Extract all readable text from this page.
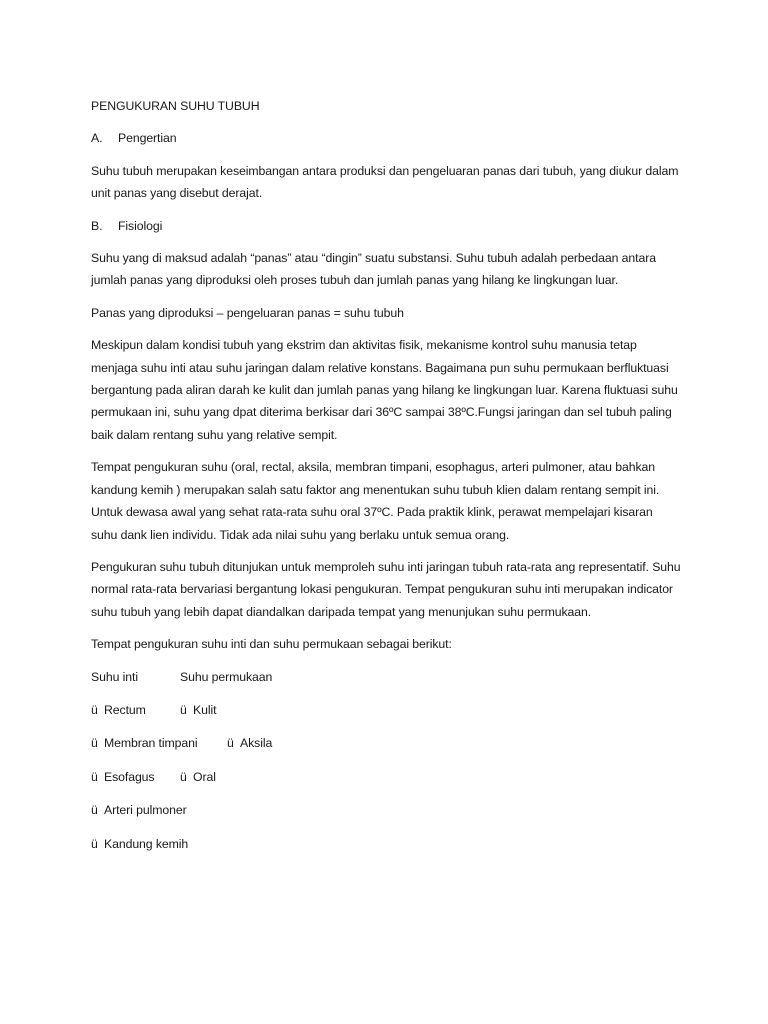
PENGUKURAN SUHU TUBUH

A.	Pengertian

Suhu tubuh merupakan keseimbangan antara produksi dan pengeluaran panas dari tubuh, yang diukur dalam unit panas yang disebut derajat.

B.	Fisiologi

Suhu yang di maksud adalah “panas” atau “dingin” suatu substansi. Suhu tubuh adalah perbedaan antara jumlah panas yang diproduksi oleh proses tubuh dan jumlah panas yang hilang ke lingkungan luar.

Panas yang diproduksi – pengeluaran panas = suhu tubuh

Meskipun dalam kondisi tubuh yang ekstrim dan aktivitas fisik, mekanisme kontrol suhu manusia tetap menjaga suhu inti atau suhu jaringan dalam relative konstans. Bagaimana pun suhu permukaan berfluktuasi bergantung pada aliran darah ke kulit dan jumlah panas yang hilang ke lingkungan luar. Karena fluktuasi suhu permukaan ini, suhu yang dpat diterima berkisar dari 36ºC sampai 38ºC.Fungsi jaringan dan sel tubuh paling baik dalam rentang suhu yang relative sempit.

Tempat pengukuran suhu (oral, rectal, aksila, membran timpani, esophagus, arteri pulmoner, atau bahkan kandung kemih ) merupakan salah satu faktor ang menentukan suhu tubuh klien dalam rentang sempit ini. Untuk dewasa awal yang sehat rata-rata suhu oral 37ºC. Pada praktik klink, perawat mempelajari kisaran suhu dank lien individu. Tidak ada nilai suhu yang berlaku untuk semua orang.

Pengukuran suhu tubuh ditunjukan untuk memproleh suhu inti jaringan tubuh rata-rata ang representatif. Suhu normal rata-rata bervariasi bergantung lokasi pengukuran. Tempat pengukuran suhu inti merupakan indicator suhu tubuh yang lebih dapat diandalkan daripada tempat yang menunjukan suhu permukaan.

Tempat pengukuran suhu inti dan suhu permukaan sebagai berikut:

Suhu inti	Suhu permukaan
ü Rectum	ü Kulit
ü Membran timpani ü Aksila
ü Esofagus ü Oral
ü Arteri pulmoner
ü Kandung kemih
